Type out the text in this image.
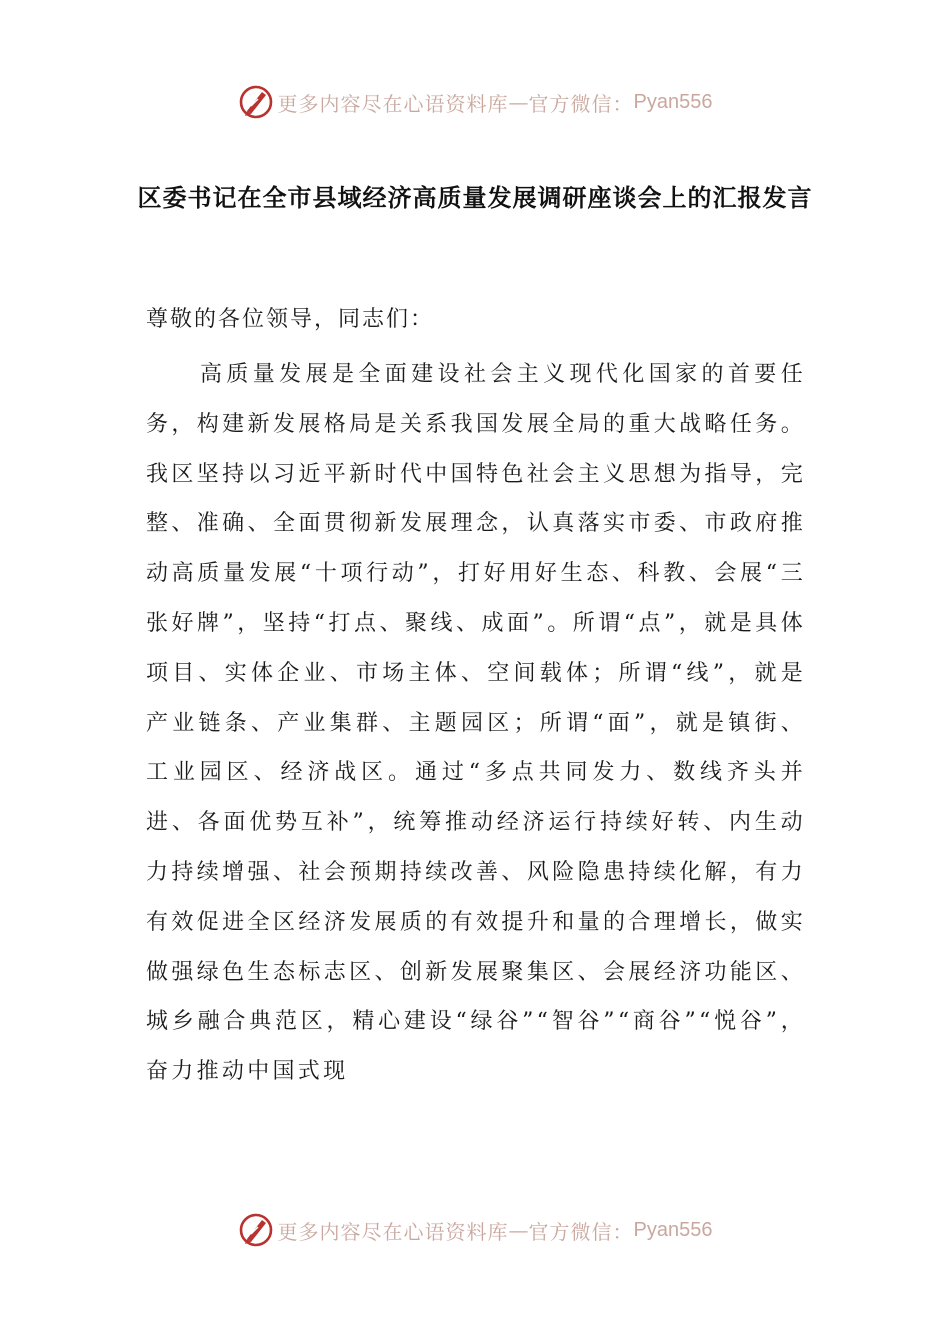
更多内容尽在心语资料库 — 官方微信： Pyan556
区委书记在全市县域经济高质量发展调研座谈会上的汇报发言
尊敬的各位领导，同志们：
高质量发展是全面建设社会主义现代化国家的首要任务，构建新发展格局是关系我国发展全局的重大战略任务。我区坚持以习近平新时代中国特色社会主义思想为指导，完整、准确、全面贯彻新发展理念，认真落实市委、市政府推动高质量发展“十项行动”，打好用好生态、科教、会展“三张好牌”，坚持“打点、聚线、成面”。所谓“点”，就是具体项目、实体企业、市场主体、空间载体；所谓“线”，就是产业链条、产业集群、主题园区；所谓“面”，就是镇街、工业园区、经济战区。通过“多点共同发力、数线齐头并进、各面优势互补”，统筹推动经济运行持续好转、内生动力持续增强、社会预期持续改善、风险隐患持续化解，有力有效促进全区经济发展质的有效提升和量的合理增长，做实做强绿色生态标志区、创新发展聚集区、会展经济功能区、城乡融合典范区，精心建设“绿谷”“智谷”“商谷”“悦谷”，奋力推动中国式现
更多内容尽在心语资料库 — 官方微信： Pyan556
